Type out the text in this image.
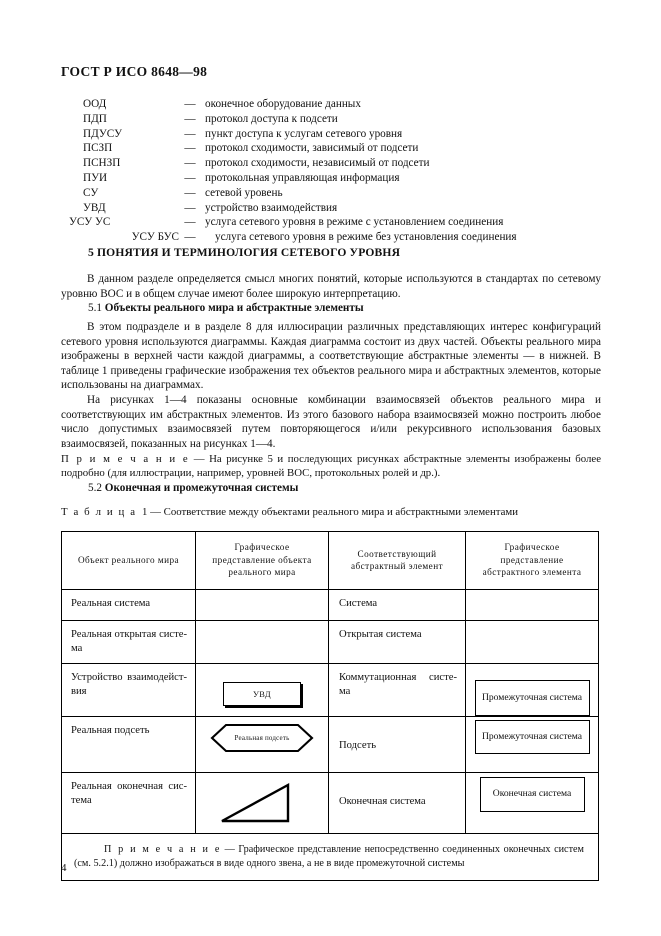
ГОСТ Р ИСО 8648—98
ООД	—	оконечное оборудование данных
ПДП	—	протокол доступа к подсети
ПДУСУ	—	пункт доступа к услугам сетевого уровня
ПСЗП	—	протокол сходимости, зависимый от подсети
ПСНЗП	—	протокол сходимости, независимый от подсети
ПУИ	—	протокольная управляющая информация
СУ	—	сетевой уровень
УВД	—	устройство взаимодействия
УСУ УС	—	услуга сетевого уровня в режиме с установлением соединения
УСУ БУС	—	услуга сетевого уровня в режиме без установления соединения
5 ПОНЯТИЯ И ТЕРМИНОЛОГИЯ СЕТЕВОГО УРОВНЯ
В данном разделе определяется смысл многих понятий, которые используются в стандартах по сетевому уровню ВОС и в общем случае имеют более широкую интерпретацию.
5.1 Объекты реального мира и абстрактные элементы
В этом подразделе и в разделе 8 для иллюсирации различных представляющих интерес конфигураций сетевого уровня используются диаграммы. Каждая диаграмма состоит из двух частей. Объекты реального мира изображены в верхней части каждой диаграммы, а соответствующие абстрактные элементы — в нижней. В таблице 1 приведены графические изображения тех объектов реального мира и абстрактных элементов, которые использованы на диаграммах.
На рисунках 1—4 показаны основные комбинации взаимосвязей объектов реального мира и соответствующих им абстрактных элементов. Из этого базового набора взаимосвязей можно построить любое число допустимых взаимосвязей путем повторяющегося и/или рекурсивного использования базовых взаимосвязей, показанных на рисунках 1—4.
П р и м е ч а н и е — На рисунке 5 и последующих рисунках абстрактные элементы изображены более подробно (для иллюстрации, например, уровней ВОС, протокольных ролей и др.).
5.2 Оконечная и промежуточная системы
Т а б л и ц а 1 — Соответствие между объектами реального мира и абстрактными элементами
Объект реального мира	Графическое представление объекта реального мира	Соответствующий абстрактный элемент	Графическое представление абстрактного элемента

Реальная система		Система	

Реальная открытая систе-ма		Открытая система	

Устройство взаимодейст-вия	УВД	Коммутационная систе-ма	Промежуточная система

Реальная подсеть	Реальная подсеть	Подсеть	Промежуточная система

Реальная оконечная сис-тема		Оконечная система	Оконечная система

П р и м е ч а н и е — Графическое представление непосредственно соединенных оконечных систем (см. 5.2.1) должно изображаться в виде одного звена, а не в виде промежуточной системы			
4
